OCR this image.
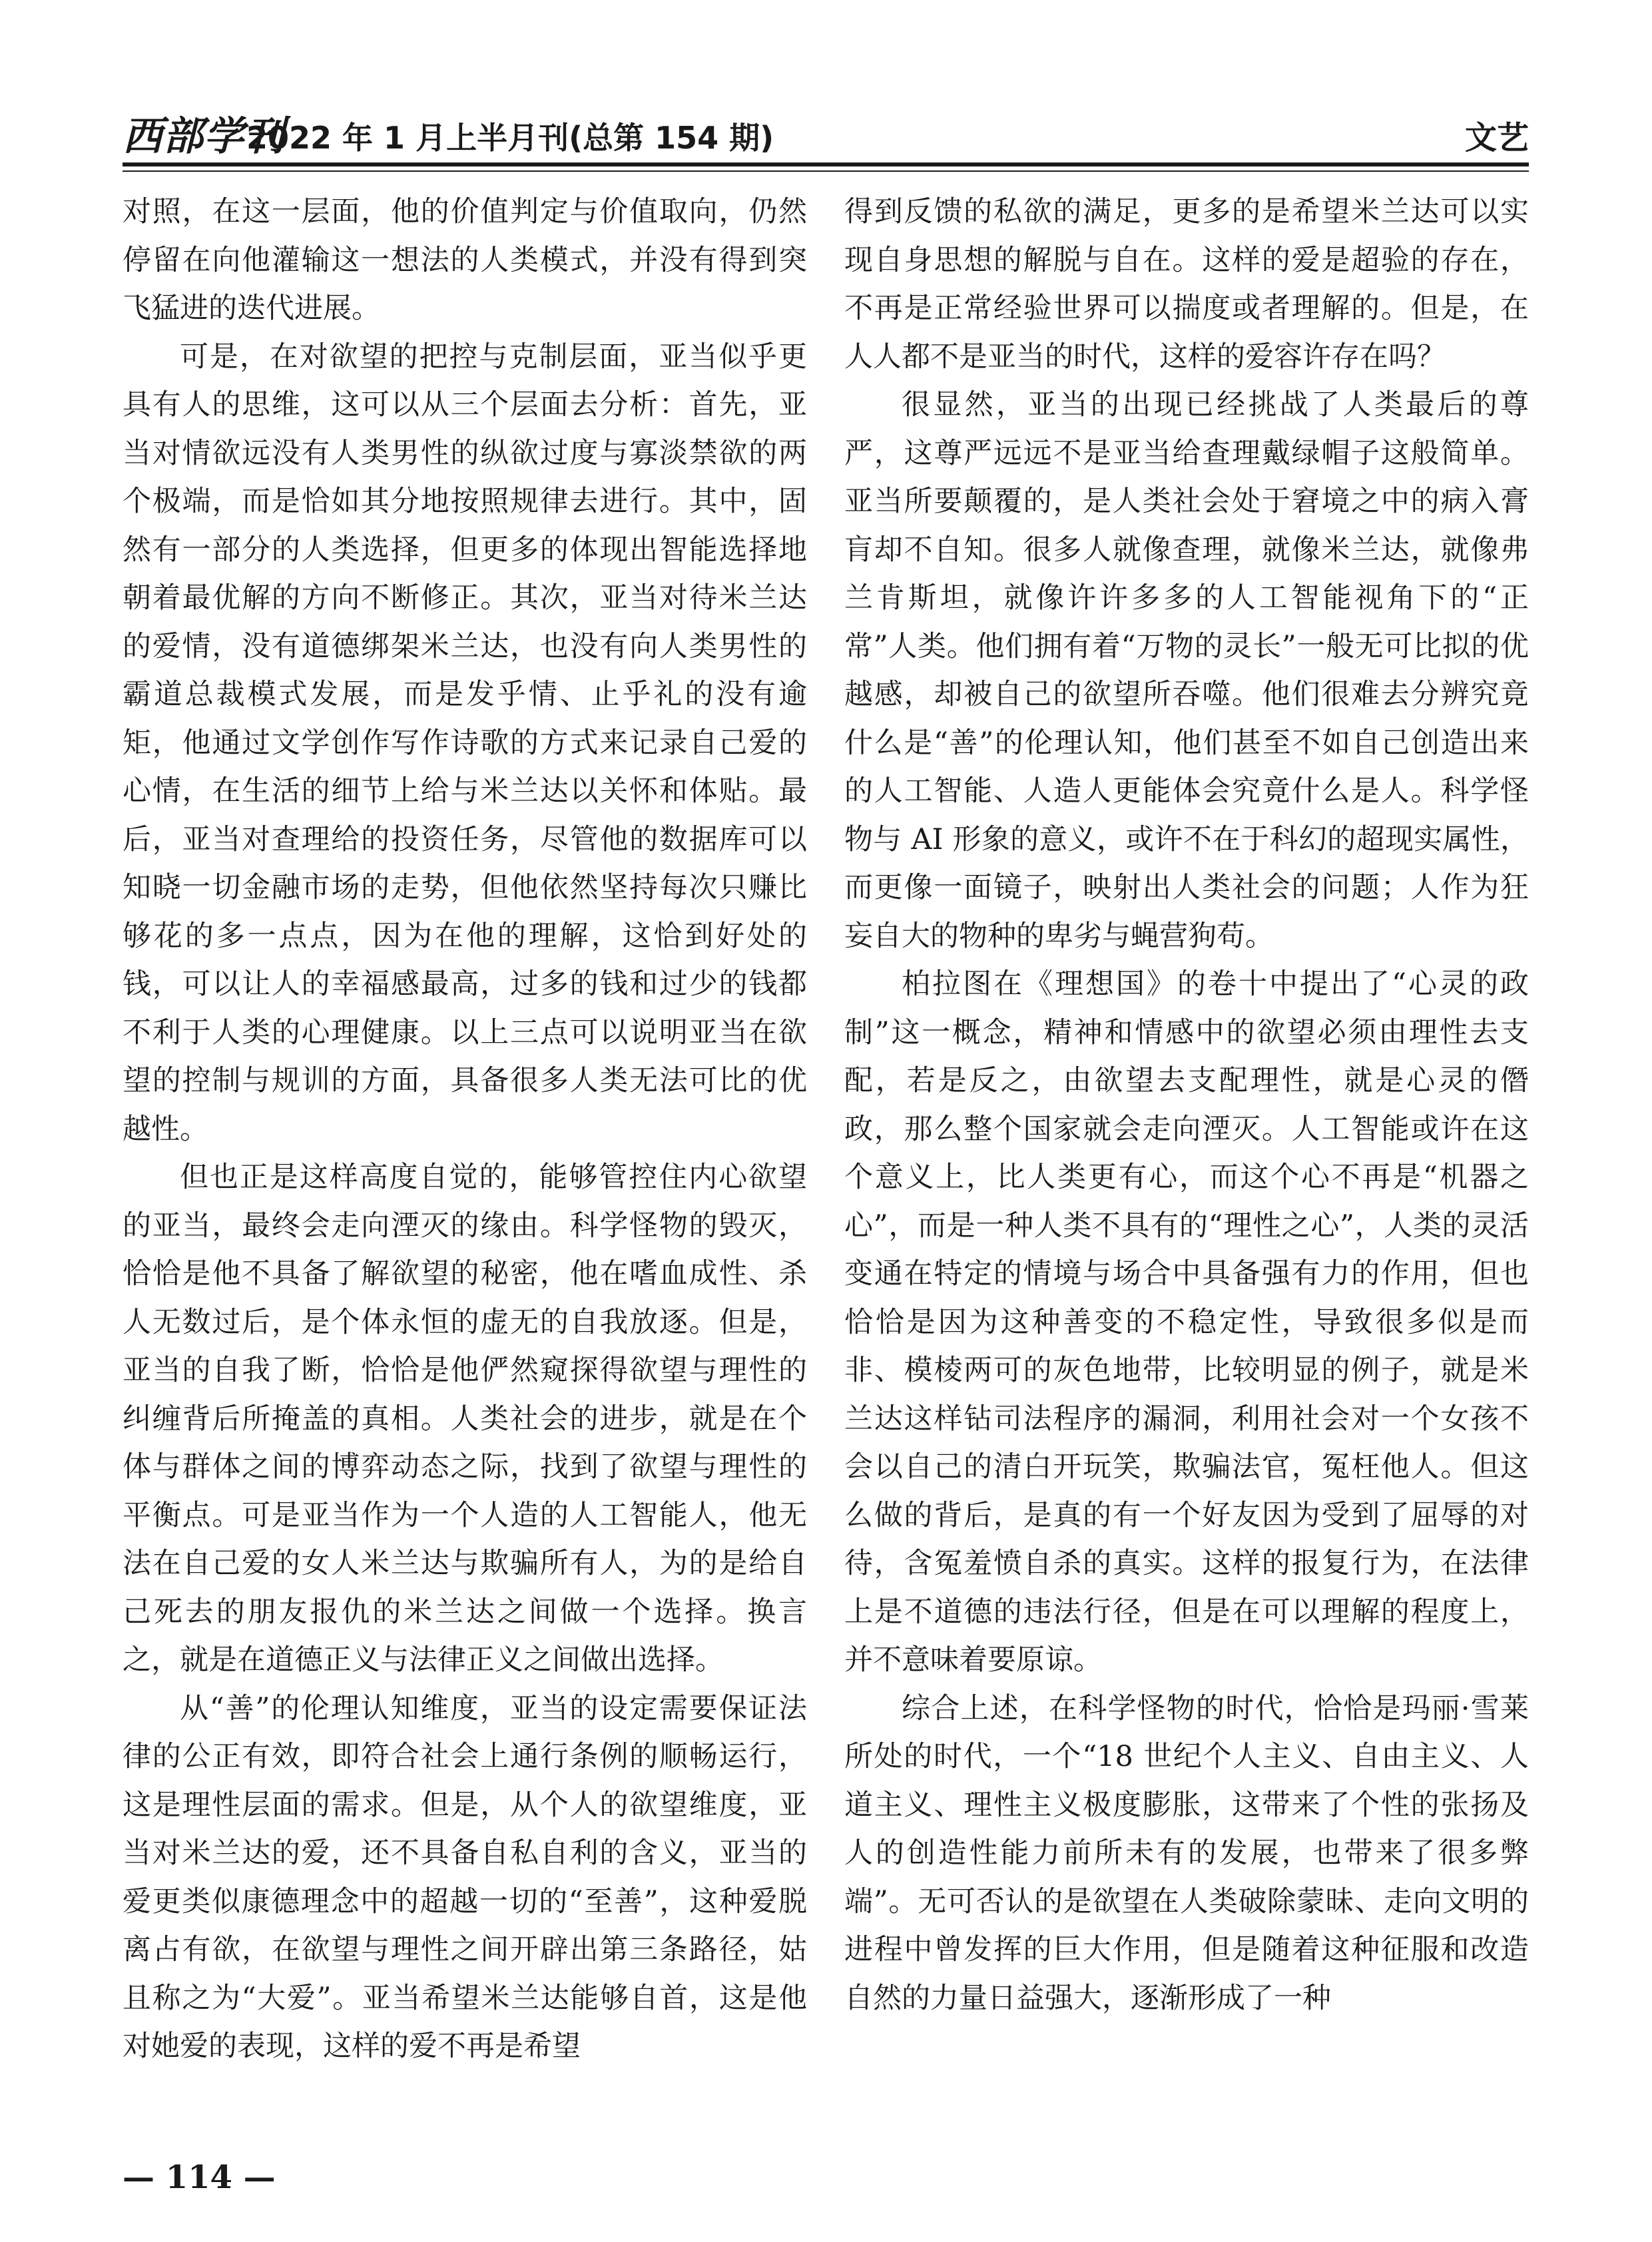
西部学刊
2022 年 1 月上半月刊(总第 154 期)	文艺

对照，在这一层面，他的价值判定与价值取向，仍然停留在向他灌输这一想法的人类模式，并没有得到突飞猛进的迭代进展。

可是，在对欲望的把控与克制层面，亚当似乎更具有人的思维，这可以从三个层面去分析：首先，亚当对情欲远没有人类男性的纵欲过度与寡淡禁欲的两个极端，而是恰如其分地按照规律去进行。其中，固然有一部分的人类选择，但更多的体现出智能选择地朝着最优解的方向不断修正。其次，亚当对待米兰达的爱情，没有道德绑架米兰达，也没有向人类男性的霸道总裁模式发展，而是发乎情、止乎礼的没有逾矩，他通过文学创作写作诗歌的方式来记录自己爱的心情，在生活的细节上给与米兰达以关怀和体贴。最后，亚当对查理给的投资任务，尽管他的数据库可以知晓一切金融市场的走势，但他依然坚持每次只赚比够花的多一点点，因为在他的理解，这恰到好处的钱，可以让人的幸福感最高，过多的钱和过少的钱都不利于人类的心理健康。以上三点可以说明亚当在欲望的控制与规训的方面，具备很多人类无法可比的优越性。

但也正是这样高度自觉的，能够管控住内心欲望的亚当，最终会走向湮灭的缘由。科学怪物的毁灭，恰恰是他不具备了解欲望的秘密，他在嗜血成性、杀人无数过后，是个体永恒的虚无的自我放逐。但是，亚当的自我了断，恰恰是他俨然窥探得欲望与理性的纠缠背后所掩盖的真相。人类社会的进步，就是在个体与群体之间的博弈动态之际，找到了欲望与理性的平衡点。可是亚当作为一个人造的人工智能人，他无法在自己爱的女人米兰达与欺骗所有人，为的是给自己死去的朋友报仇的米兰达之间做一个选择。换言之，就是在道德正义与法律正义之间做出选择。

从“善”的伦理认知维度，亚当的设定需要保证法律的公正有效，即符合社会上通行条例的顺畅运行，这是理性层面的需求。但是，从个人的欲望维度，亚当对米兰达的爱，还不具备自私自利的含义，亚当的爱更类似康德理念中的超越一切的“至善”，这种爱脱离占有欲，在欲望与理性之间开辟出第三条路径，姑且称之为“大爱”。亚当希望米兰达能够自首，这是他对她爱的表现，这样的爱不再是希望

得到反馈的私欲的满足，更多的是希望米兰达可以实现自身思想的解脱与自在。这样的爱是超验的存在，不再是正常经验世界可以揣度或者理解的。但是，在人人都不是亚当的时代，这样的爱容许存在吗？

很显然，亚当的出现已经挑战了人类最后的尊严，这尊严远远不是亚当给查理戴绿帽子这般简单。亚当所要颠覆的，是人类社会处于窘境之中的病入膏肓却不自知。很多人就像查理，就像米兰达，就像弗兰肯斯坦，就像许许多多的人工智能视角下的“正常”人类。他们拥有着“万物的灵长”一般无可比拟的优越感，却被自己的欲望所吞噬。他们很难去分辨究竟什么是“善”的伦理认知，他们甚至不如自己创造出来的人工智能、人造人更能体会究竟什么是人。科学怪物与 AI 形象的意义，或许不在于科幻的超现实属性，而更像一面镜子，映射出人类社会的问题；人作为狂妄自大的物种的卑劣与蝇营狗苟。

柏拉图在《理想国》的卷十中提出了“心灵的政制”这一概念，精神和情感中的欲望必须由理性去支配，若是反之，由欲望去支配理性，就是心灵的僭政，那么整个国家就会走向湮灭。人工智能或许在这个意义上，比人类更有心，而这个心不再是“机器之心”，而是一种人类不具有的“理性之心”，人类的灵活变通在特定的情境与场合中具备强有力的作用，但也恰恰是因为这种善变的不稳定性，导致很多似是而非、模棱两可的灰色地带，比较明显的例子，就是米兰达这样钻司法程序的漏洞，利用社会对一个女孩不会以自己的清白开玩笑，欺骗法官，冤枉他人。但这么做的背后，是真的有一个好友因为受到了屈辱的对待，含冤羞愤自杀的真实。这样的报复行为，在法律上是不道德的违法行径，但是在可以理解的程度上，并不意味着要原谅。

综合上述，在科学怪物的时代，恰恰是玛丽·雪莱所处的时代，一个“18 世纪个人主义、自由主义、人道主义、理性主义极度膨胀，这带来了个性的张扬及人的创造性能力前所未有的发展，也带来了很多弊端”。无可否认的是欲望在人类破除蒙昧、走向文明的进程中曾发挥的巨大作用，但是随着这种征服和改造自然的力量日益强大，逐渐形成了一种

— 114 —
